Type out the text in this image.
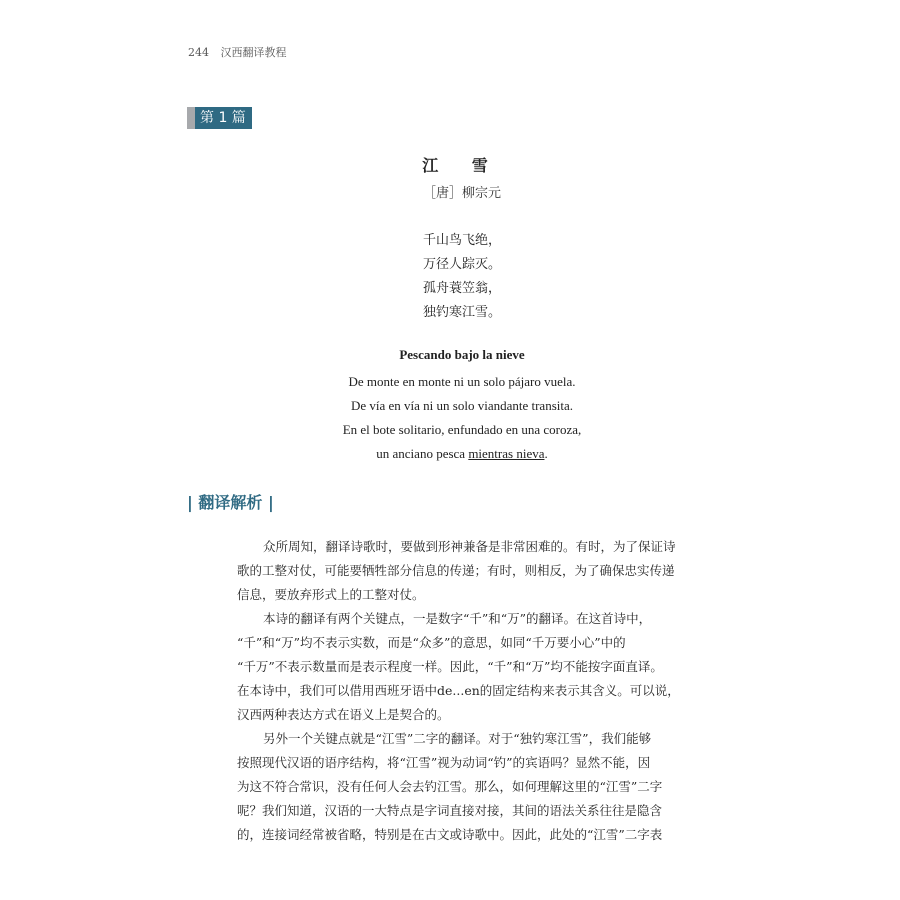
244 汉西翻译教程
第 1 篇
江 雪
［唐］柳宗元
千山鸟飞绝，
万径人踪灭。
孤舟蓑笠翁，
独钓寒江雪。
Pescando bajo la nieve
De monte en monte ni un solo pájaro vuela.
De vía en vía ni un solo viandante transita.
En el bote solitario, enfundado en una coroza,
un anciano pesca mientras nieva.
| 翻译解析 |
众所周知，翻译诗歌时，要做到形神兼备是非常困难的。有时，为了保证诗
歌的工整对仗，可能要牺牲部分信息的传递；有时，则相反，为了确保忠实传递
信息，要放弃形式上的工整对仗。
本诗的翻译有两个关键点，一是数字“千”和“万”的翻译。在这首诗中，
“千”和“万”均不表示实数，而是“众多”的意思，如同“千万要小心”中的
“千万”不表示数量而是表示程度一样。因此，“千”和“万”均不能按字面直译。
在本诗中，我们可以借用西班牙语中de...en的固定结构来表示其含义。可以说，
汉西两种表达方式在语义上是契合的。
另外一个关键点就是“江雪”二字的翻译。对于“独钓寒江雪”，我们能够
按照现代汉语的语序结构，将“江雪”视为动词“钓”的宾语吗？显然不能，因
为这不符合常识，没有任何人会去钓江雪。那么，如何理解这里的“江雪”二字
呢？我们知道，汉语的一大特点是字词直接对接，其间的语法关系往往是隐含
的，连接词经常被省略，特别是在古文或诗歌中。因此，此处的“江雪”二字表
